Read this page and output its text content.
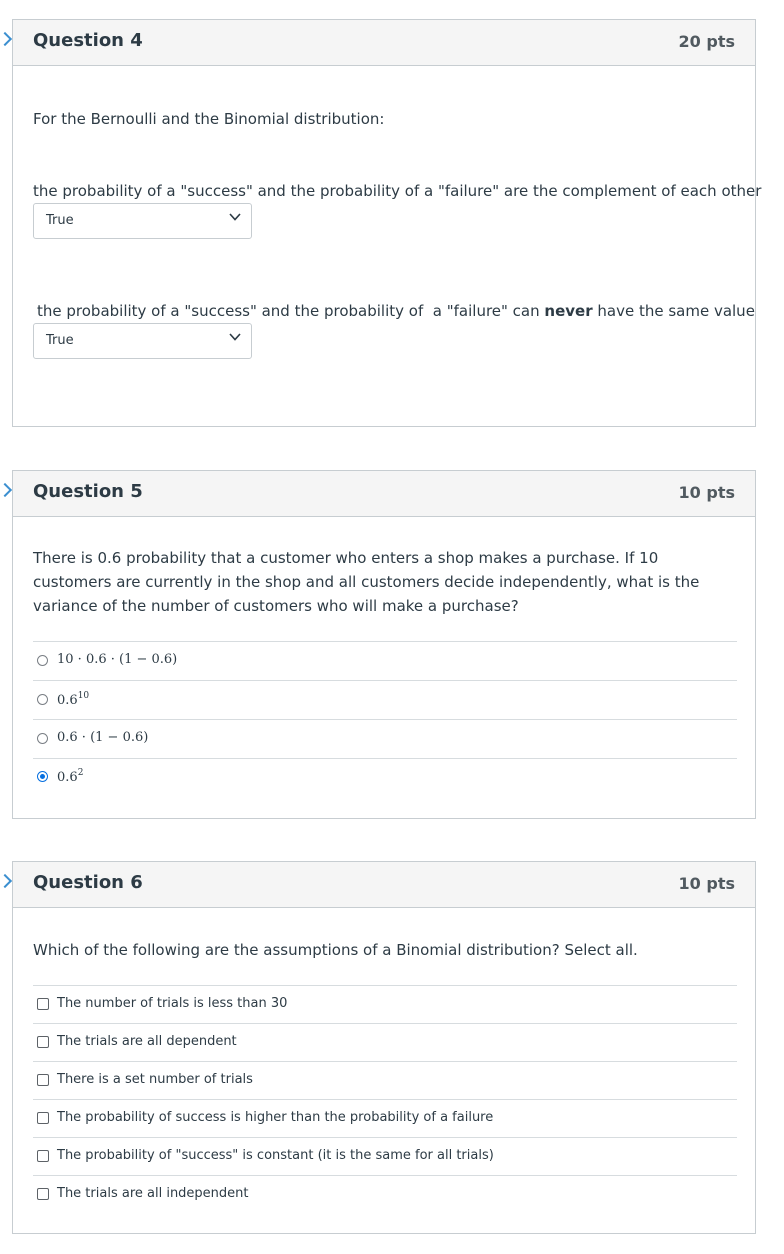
Question 4	20 pts
For the Bernoulli and the Binomial distribution:
the probability of a "success" and the probability of a "failure" are the complement of each other
True
the probability of a "success" and the probability of  a "failure" can never have the same value
True
Question 5	10 pts
There is 0.6 probability that a customer who enters a shop makes a purchase. If 10 customers are currently in the shop and all customers decide independently, what is the variance of the number of customers who will make a purchase?
10 · 0.6 · (1 − 0.6)
$0.6^{10}$
0.6 · (1 − 0.6)
$0.6^2$
Question 6	10 pts
Which of the following are the assumptions of a Binomial distribution? Select all.
The number of trials is less than 30
The trials are all dependent
There is a set number of trials
The probability of success is higher than the probability of a failure
The probability of "success" is constant (it is the same for all trials)
The trials are all independent
